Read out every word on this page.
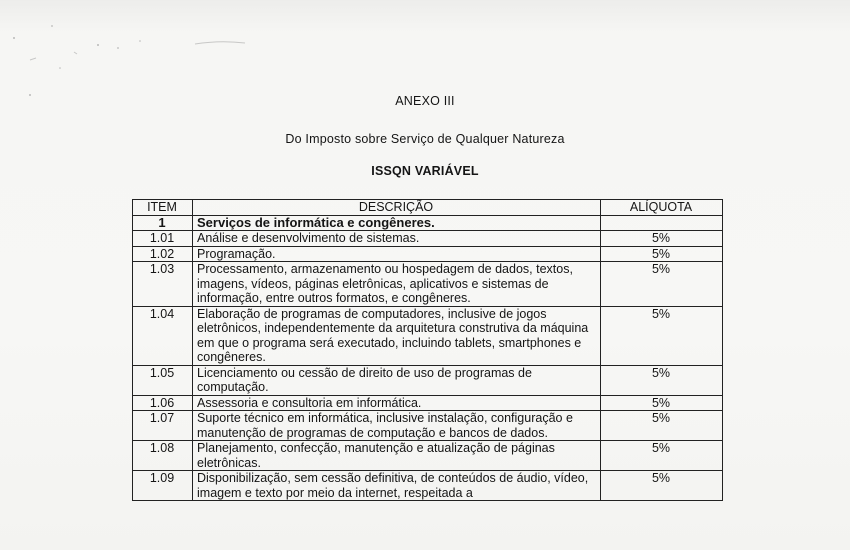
ANEXO III
Do Imposto sobre Serviço de Qualquer Natureza
ISSQN VARIÁVEL
ITEM	DESCRIÇÃO	ALÍQUOTA
1	Serviços de informática e congêneres.	
1.01	Análise e desenvolvimento de sistemas.	5%
1.02	Programação.	5%
1.03	Processamento, armazenamento ou hospedagem de dados, textos, imagens, vídeos, páginas eletrônicas, aplicativos e sistemas de informação, entre outros formatos, e congêneres.	5%
1.04	Elaboração de programas de computadores, inclusive de jogos eletrônicos, independentemente da arquitetura construtiva da máquina em que o programa será executado, incluindo tablets, smartphones e congêneres.	5%
1.05	Licenciamento ou cessão de direito de uso de programas de computação.	5%
1.06	Assessoria e consultoria em informática.	5%
1.07	Suporte técnico em informática, inclusive instalação, configuração e manutenção de programas de computação e bancos de dados.	5%
1.08	Planejamento, confecção, manutenção e atualização de páginas eletrônicas.	5%
1.09	Disponibilização, sem cessão definitiva, de conteúdos de áudio, vídeo, imagem e texto por meio da internet, respeitada a	5%
